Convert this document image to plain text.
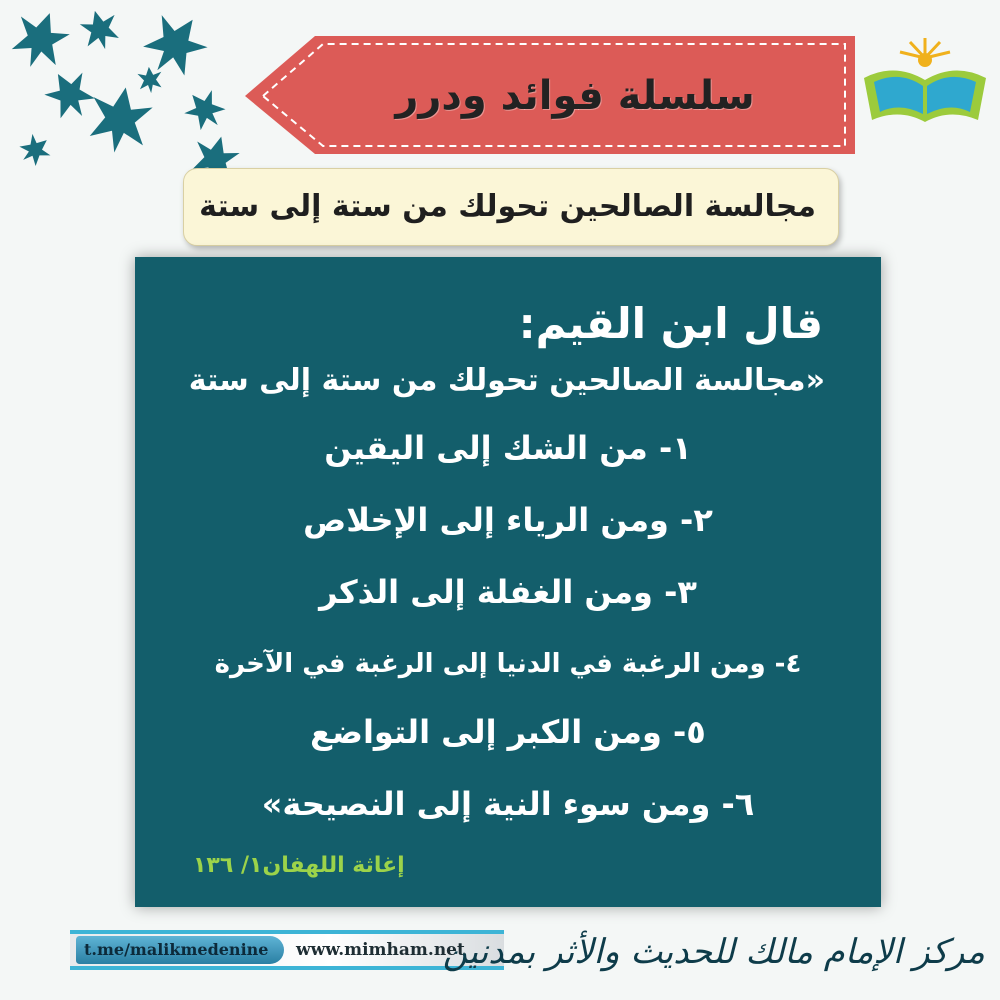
سلسلة فوائد ودرر
مجالسة الصالحين تحولك من ستة إلى ستة
قال ابن القيم:
«مجالسة الصالحين تحولك من ستة إلى ستة
١- من الشك إلى اليقين
٢- ومن الرياء إلى الإخلاص
٣- ومن الغفلة إلى الذكر
٤- ومن الرغبة في الدنيا إلى الرغبة في الآخرة
٥- ومن الكبر إلى التواضع
٦- ومن سوء النية إلى النصيحة»
إغاثة اللهفان١/ ١٣٦
t.me/malikmedenine	www.mimham.net
مركز الإمام مالك للحديث والأثر بمدنين
